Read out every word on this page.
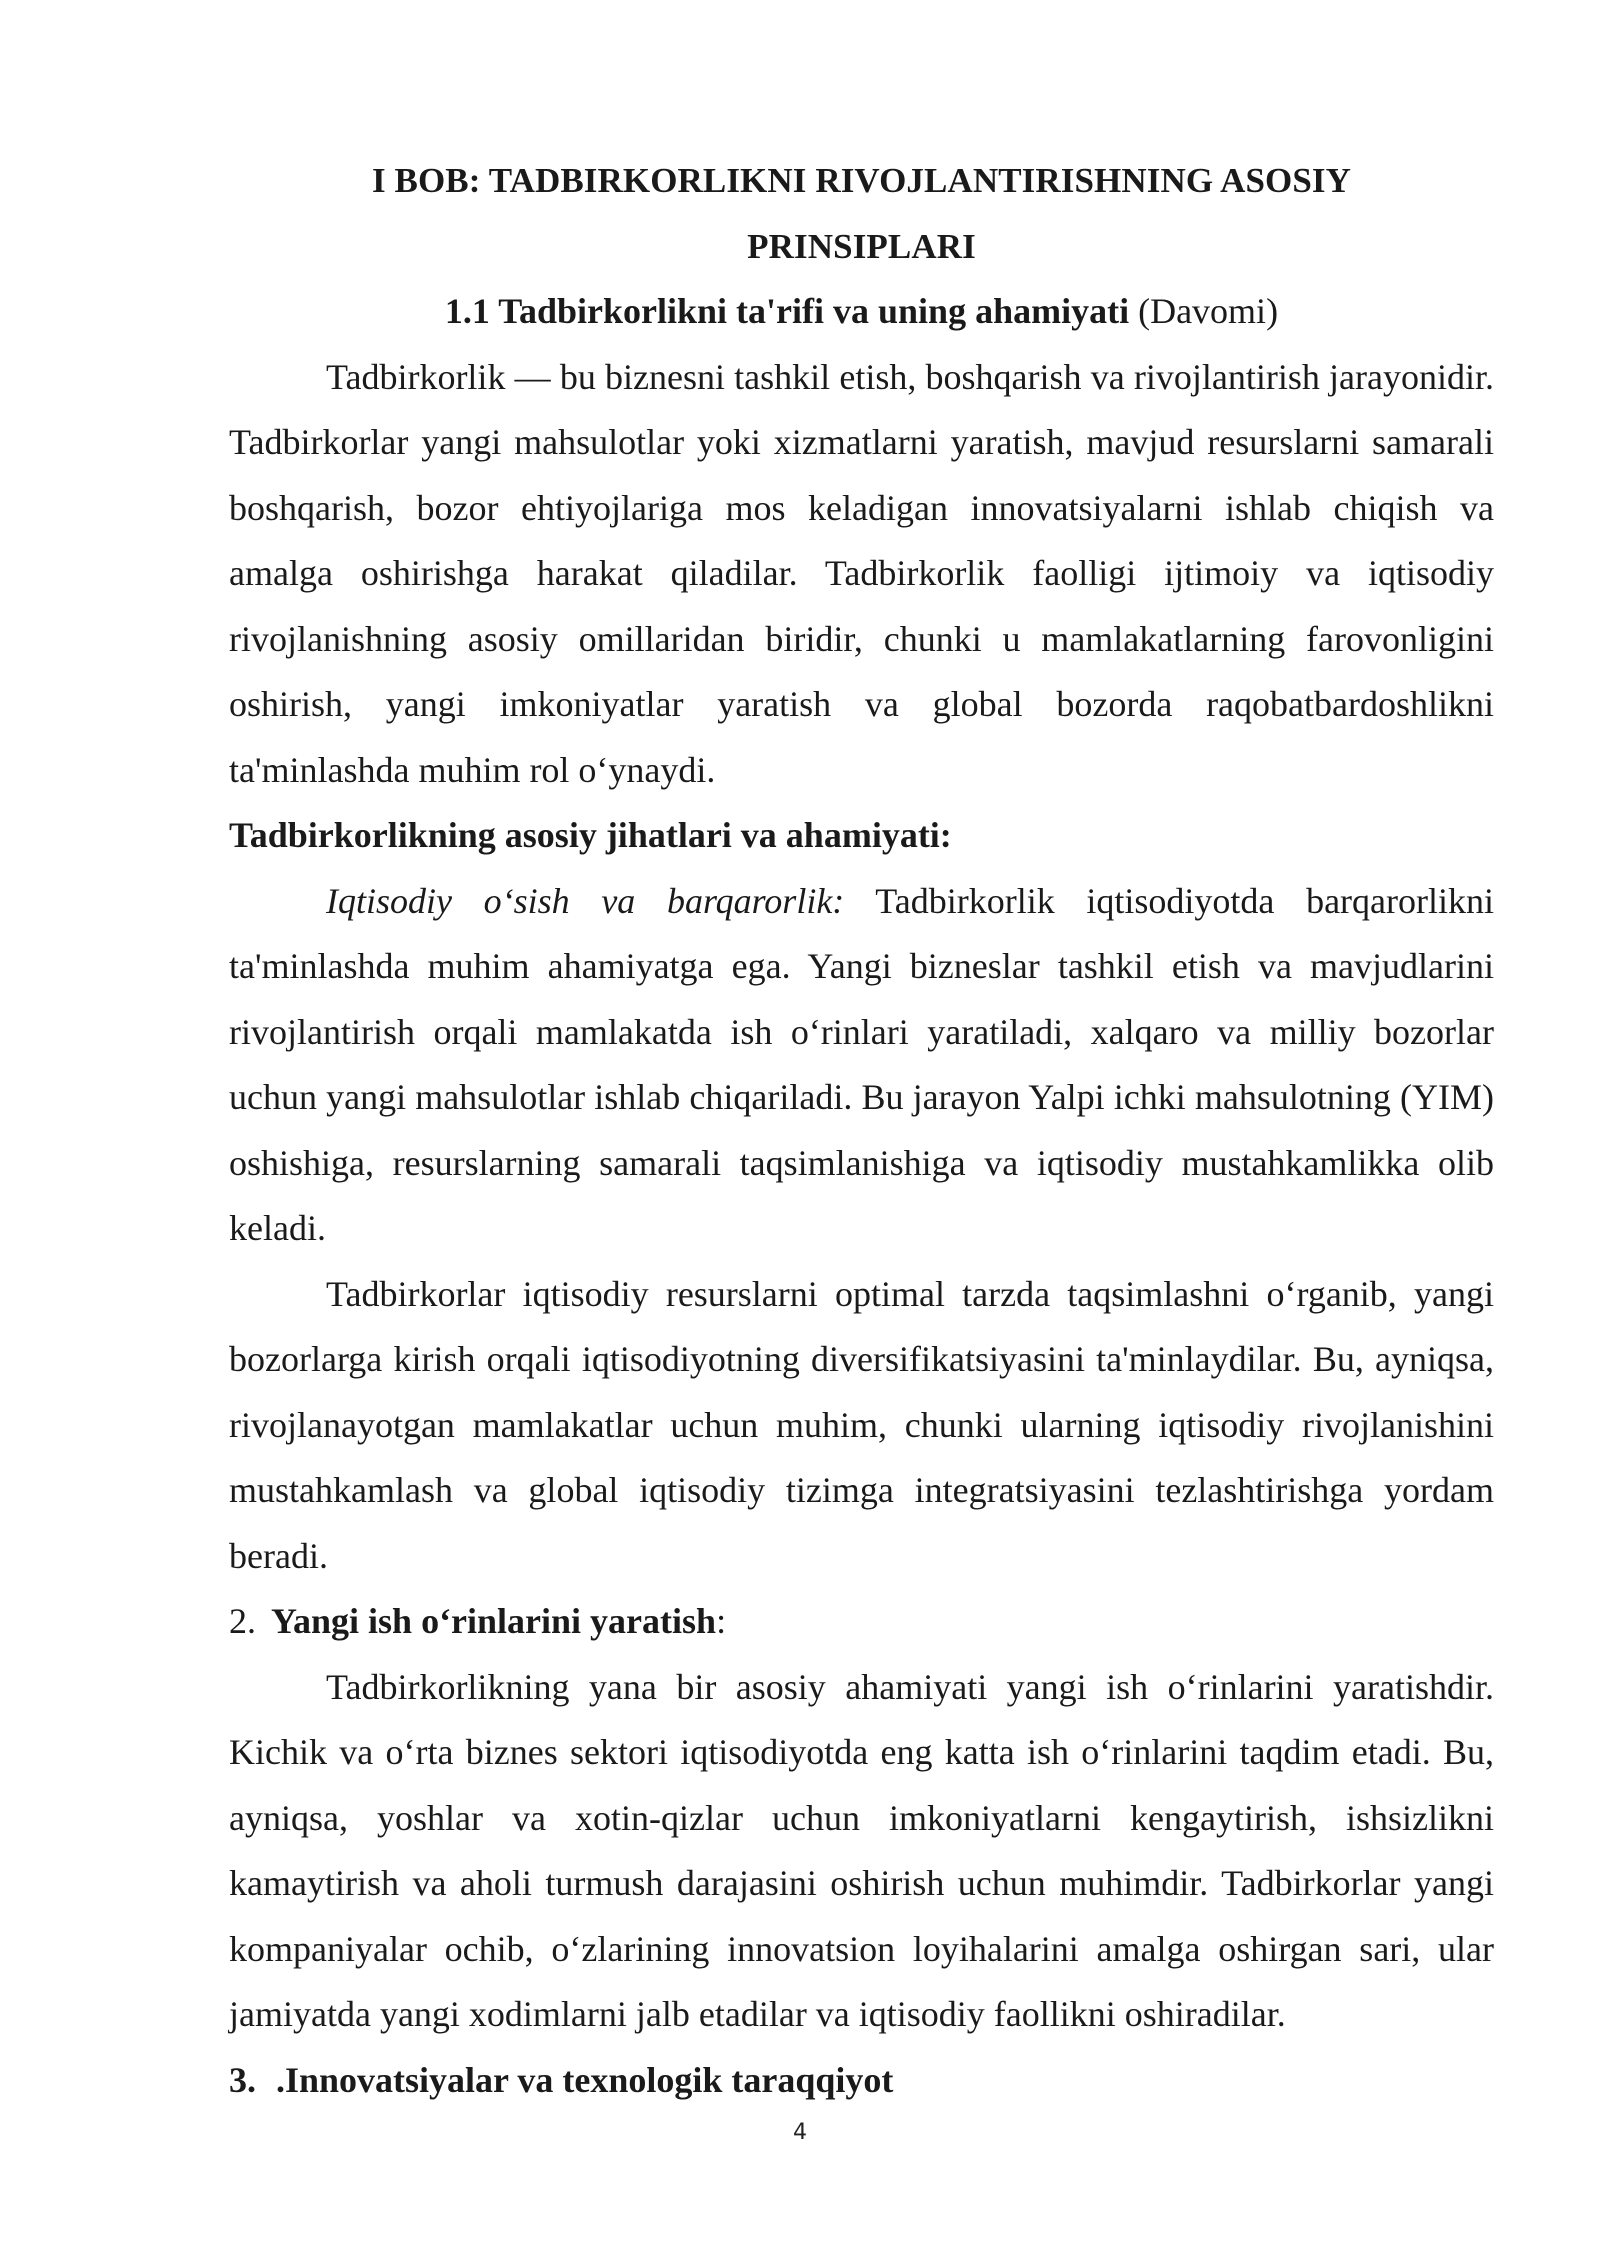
I BOB: TADBIRKORLIKNI RIVOJLANTIRISHNING ASOSIY

PRINSIPLARI

1.1 Tadbirkorlikni ta'rifi va uning ahamiyati (Davomi)

Tadbirkorlik — bu biznesni tashkil etish, boshqarish va rivojlantirish jarayonidir. Tadbirkorlar yangi mahsulotlar yoki xizmatlarni yaratish, mavjud resurslarni samarali boshqarish, bozor ehtiyojlariga mos keladigan innovatsiyalarni ishlab chiqish va amalga oshirishga harakat qiladilar. Tadbirkorlik faolligi ijtimoiy va iqtisodiy rivojlanishning asosiy omillaridan biridir, chunki u mamlakatlarning farovonligini oshirish, yangi imkoniyatlar yaratish va global bozorda raqobatbardoshlikni ta'minlashda muhim rol o‘ynaydi.

Tadbirkorlikning asosiy jihatlari va ahamiyati:

Iqtisodiy o‘sish va barqarorlik: Tadbirkorlik iqtisodiyotda barqarorlikni ta'minlashda muhim ahamiyatga ega. Yangi bizneslar tashkil etish va mavjudlarini rivojlantirish orqali mamlakatda ish o‘rinlari yaratiladi, xalqaro va milliy bozorlar uchun yangi mahsulotlar ishlab chiqariladi. Bu jarayon Yalpi ichki mahsulotning (YIM) oshishiga, resurslarning samarali taqsimlanishiga va iqtisodiy mustahkamlikka olib keladi.

Tadbirkorlar iqtisodiy resurslarni optimal tarzda taqsimlashni o‘rganib, yangi bozorlarga kirish orqali iqtisodiyotning diversifikatsiyasini ta'minlaydilar. Bu, ayniqsa, rivojlanayotgan mamlakatlar uchun muhim, chunki ularning iqtisodiy rivojlanishini mustahkamlash va global iqtisodiy tizimga integratsiyasini tezlashtirishga yordam beradi.

2. Yangi ish o‘rinlarini yaratish:

Tadbirkorlikning yana bir asosiy ahamiyati yangi ish o‘rinlarini yaratishdir. Kichik va o‘rta biznes sektori iqtisodiyotda eng katta ish o‘rinlarini taqdim etadi. Bu, ayniqsa, yoshlar va xotin-qizlar uchun imkoniyatlarni kengaytirish, ishsizlikni kamaytirish va aholi turmush darajasini oshirish uchun muhimdir. Tadbirkorlar yangi kompaniyalar ochib, o‘zlarining innovatsion loyihalarini amalga oshirgan sari, ular jamiyatda yangi xodimlarni jalb etadilar va iqtisodiy faollikni oshiradilar.

3. .Innovatsiyalar va texnologik taraqqiyot

4
